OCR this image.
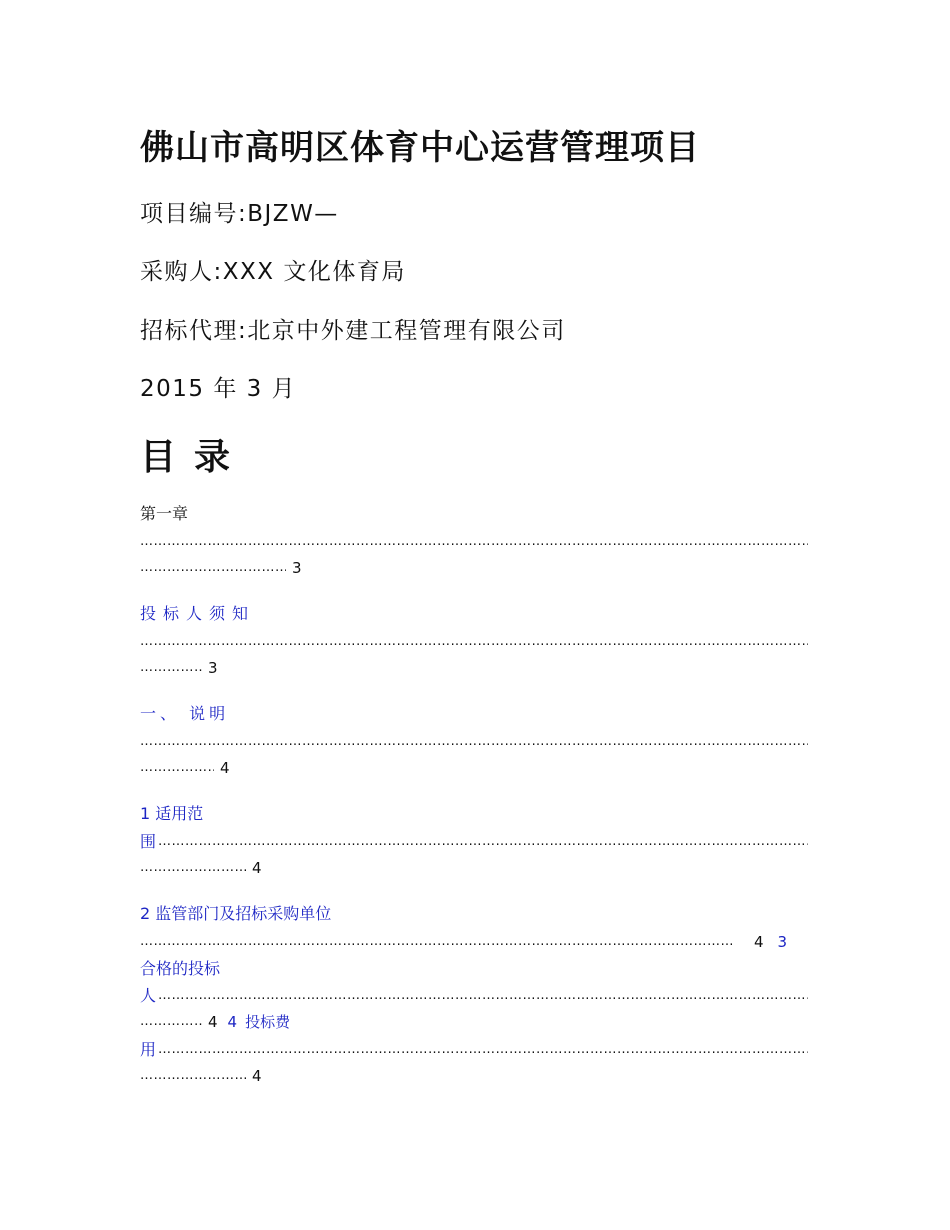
佛山市高明区体育中心运营管理项目

项目编号:BJZW—

采购人:XXX 文化体育局

招标代理:北京中外建工程管理有限公司

2015 年 3 月

目录
第一章
……………………………………………………………………………………………………………………………………………………………………………………………………………………………………………
……………………………………………………………………………………………………………………3
投标人须知
……………………………………………………………………………………………………………………………………………………………………………………………………………………………………………
……………………………………………………………………………………………………………………3
一、 说明
……………………………………………………………………………………………………………………………………………………………………………………………………………………………………………
……………………………………………………………………………………………………………………4
1 适用范
围
……………………………………………………………………………………………………………………………………………………………………………………
……………………………………………………………………………………………………………………4
2 监管部门及招标采购单位
……………………………………………………………………………………………………………………4 3
合格的投标
人
……………………………………………………………………………………………………………………………………………………………………………………
……………………………………………………………………………………………………………………4 4 投标费
用
……………………………………………………………………………………………………………………………………………………………………………………
……………………………………………………………………………………………………………………4
